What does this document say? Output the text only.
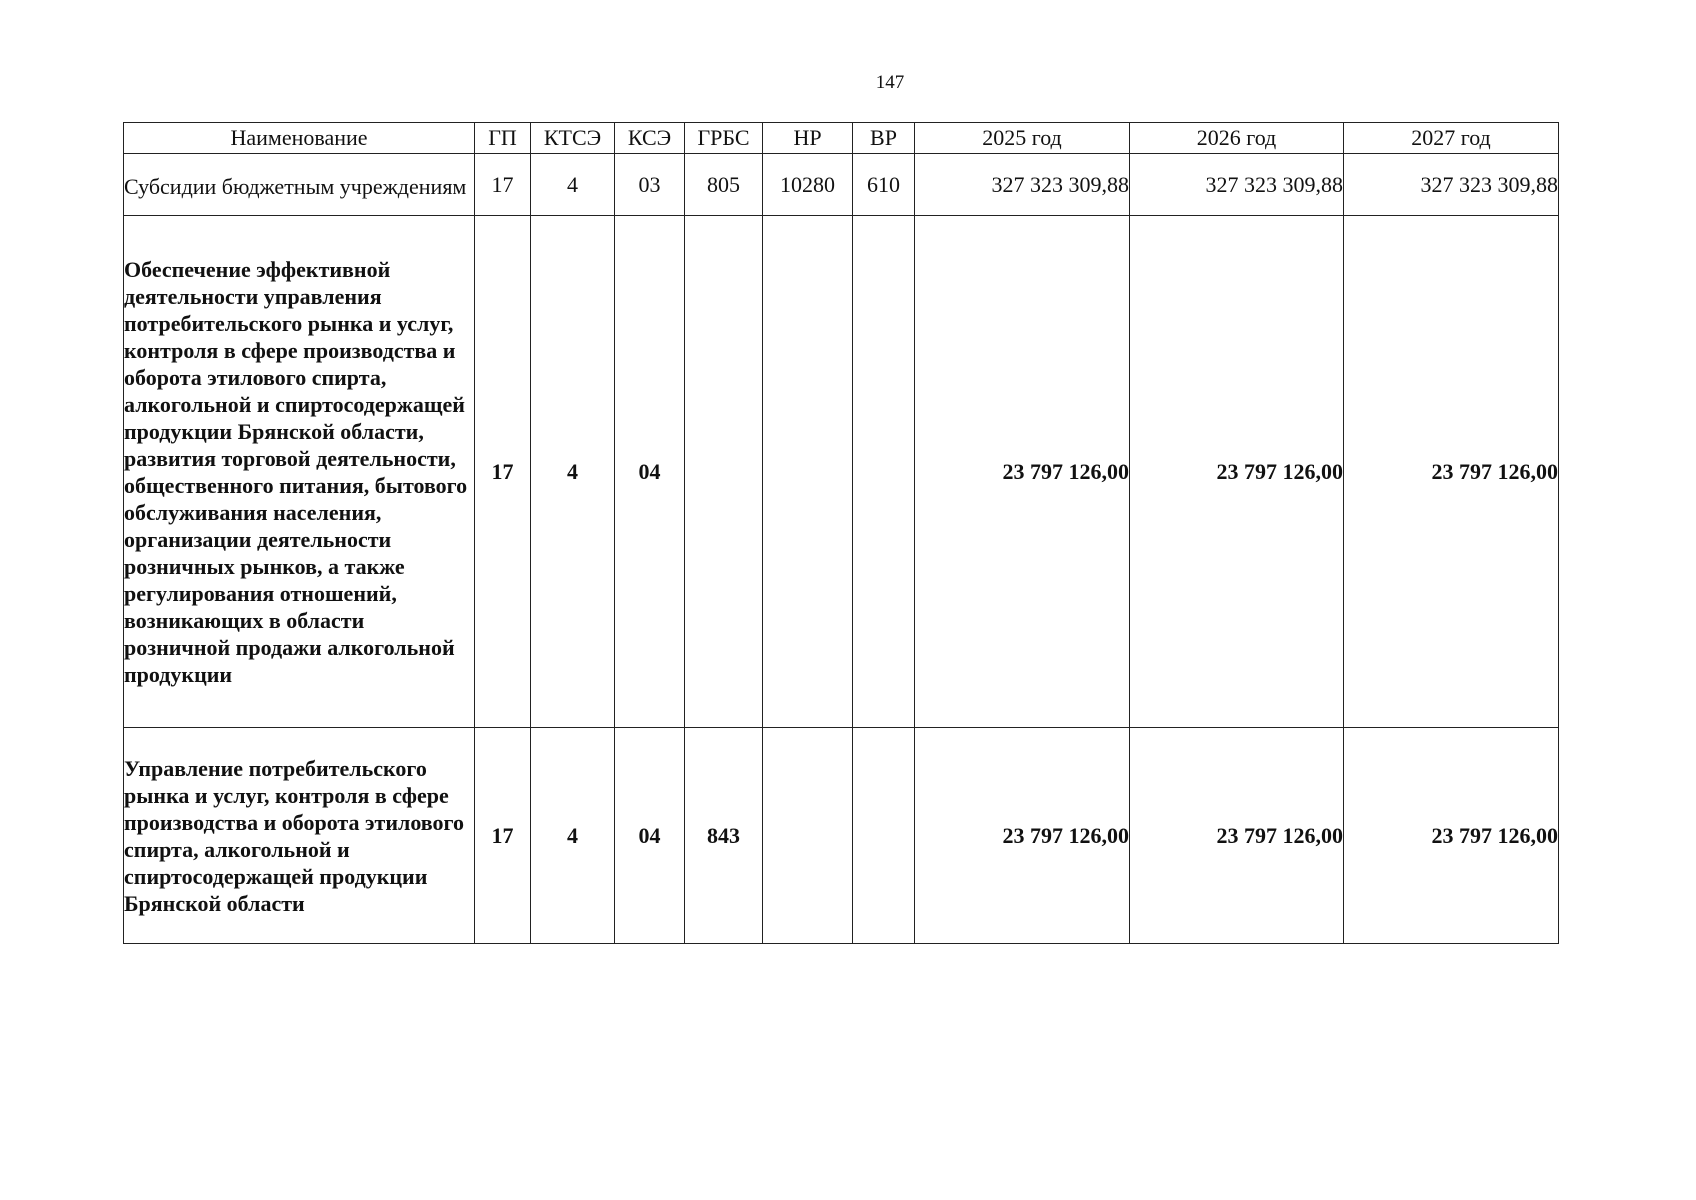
147
Наименование	ГП	КТСЭ	КСЭ	ГРБС	НР	ВР	2025 год	2026 год	2027 год
Субсидии бюджетным учреждениям	17	4	03	805	10280	610	327 323 309,88	327 323 309,88	327 323 309,88
Обеспечение эффективной деятельности управления потребительского рынка и услуг, контроля в сфере производства и оборота этилового спирта, алкогольной и спиртосодержащей продукции Брянской области, развития торговой деятельности, общественного питания, бытового обслуживания населения, организации деятельности розничных рынков, а также регулирования отношений, возникающих в области розничной продажи алкогольной продукции	17	4	04				23 797 126,00	23 797 126,00	23 797 126,00
Управление потребительского рынка и услуг, контроля в сфере производства и оборота этилового спирта, алкогольной и спиртосодержащей продукции Брянской области	17	4	04	843			23 797 126,00	23 797 126,00	23 797 126,00
